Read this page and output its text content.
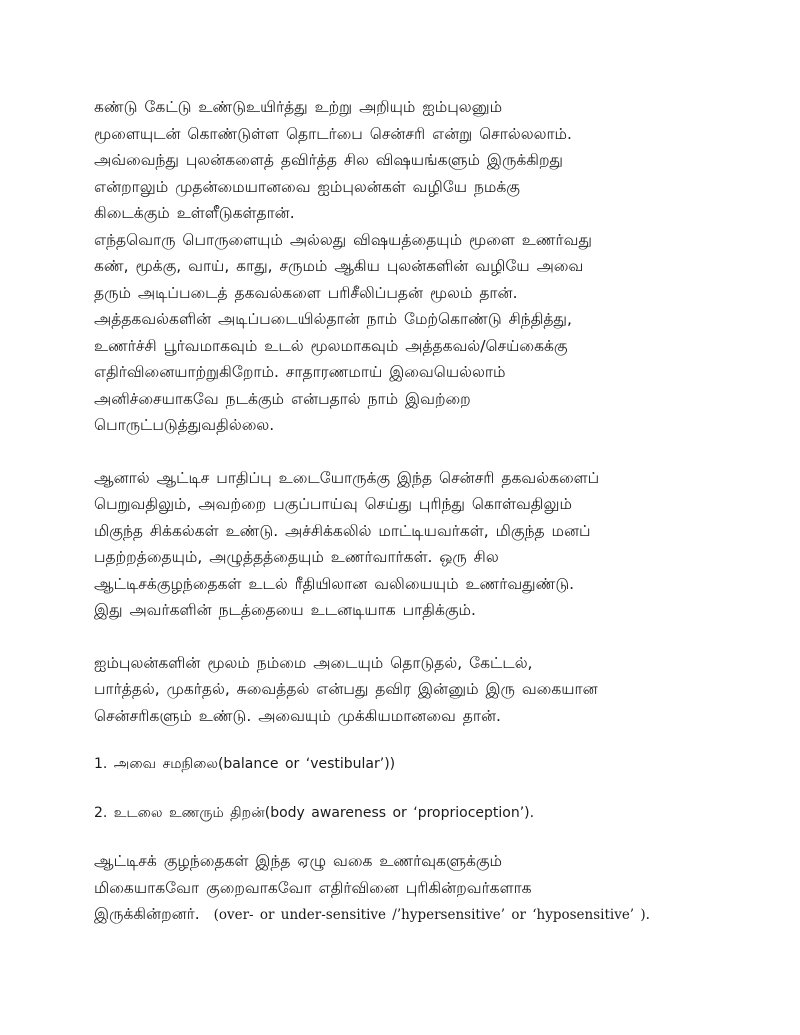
கண்டு கேட்டு உண்டுஉயிர்த்து உற்று அறியும் ஐம்புலனும்
மூளையுடன் கொண்டுள்ள தொடர்பை சென்சரி என்று சொல்லலாம்.
அவ்வைந்து புலன்களைத் தவிர்த்த சில விஷயங்களும் இருக்கிறது
என்றாலும் முதன்மையானவை ஐம்புலன்கள் வழியே நமக்கு
கிடைக்கும் உள்ளீடுகள்தான்.
எந்தவொரு பொருளையும் அல்லது விஷயத்தையும் மூளை உணர்வது
கண், மூக்கு, வாய், காது, சருமம் ஆகிய புலன்களின் வழியே அவை
தரும் அடிப்படைத் தகவல்களை பரிசீலிப்பதன் மூலம் தான்.
அத்தகவல்களின் அடிப்படையில்தான் நாம் மேற்கொண்டு சிந்தித்து,
உணர்ச்சி பூர்வமாகவும் உடல் மூலமாகவும் அத்தகவல்/செய்கைக்கு
எதிர்வினையாற்றுகிறோம். சாதாரணமாய் இவையெல்லாம்
அனிச்சையாகவே நடக்கும் என்பதால் நாம் இவற்றை
பொருட்படுத்துவதில்லை.
ஆனால் ஆட்டிச பாதிப்பு உடையோருக்கு இந்த சென்சரி தகவல்களைப்
பெறுவதிலும், அவற்றை பகுப்பாய்வு செய்து புரிந்து கொள்வதிலும்
மிகுந்த சிக்கல்கள் உண்டு. அச்சிக்கலில் மாட்டியவர்கள், மிகுந்த மனப்
பதற்றத்தையும், அழுத்தத்தையும் உணர்வார்கள். ஒரு சில
ஆட்டிசக்குழந்தைகள் உடல் ரீதியிலான வலியையும் உணர்வதுண்டு.
இது அவர்களின் நடத்தையை உடனடியாக பாதிக்கும்.
ஐம்புலன்களின் மூலம் நம்மை அடையும் தொடுதல், கேட்டல்,
பார்த்தல், முகர்தல், சுவைத்தல் என்பது தவிர இன்னும் இரு வகையான
சென்சரிகளும் உண்டு. அவையும் முக்கியமானவை தான்.
1. அவை சமநிலை(balance or ‘vestibular’))
2. உடலை உணரும் திறன்(body awareness or ‘proprioception’).
ஆட்டிசக் குழந்தைகள் இந்த ஏழு வகை உணர்வுகளுக்கும்
மிகையாகவோ குறைவாகவோ எதிர்வினை புரிகின்றவர்களாக
இருக்கின்றனர். (over- or under-sensitive /’hypersensitive’ or ‘hyposensitive’ ).
